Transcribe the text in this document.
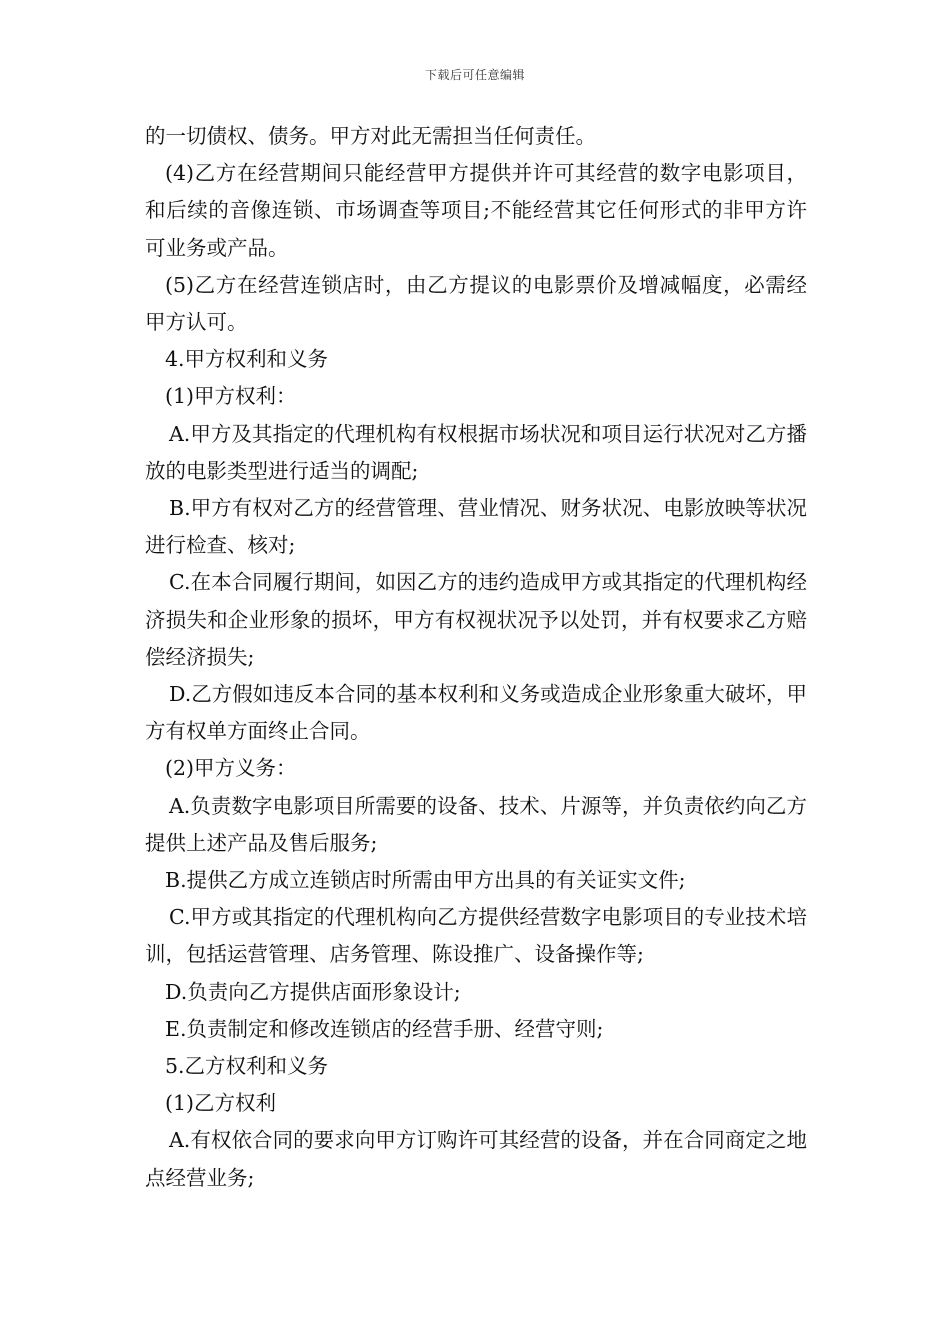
下载后可任意编辑

的一切债权、债务。甲方对此无需担当任何责任。

(4)乙方在经营期间只能经营甲方提供并许可其经营的数字电影项目，和后续的音像连锁、市场调查等项目;不能经营其它任何形式的非甲方许可业务或产品。

(5)乙方在经营连锁店时，由乙方提议的电影票价及增减幅度，必需经甲方认可。

4.甲方权利和义务

(1)甲方权利：

A.甲方及其指定的代理机构有权根据市场状况和项目运行状况对乙方播放的电影类型进行适当的调配;

B.甲方有权对乙方的经营管理、营业情况、财务状况、电影放映等状况进行检查、核对;

C.在本合同履行期间，如因乙方的违约造成甲方或其指定的代理机构经济损失和企业形象的损坏，甲方有权视状况予以处罚，并有权要求乙方赔偿经济损失;

D.乙方假如违反本合同的基本权利和义务或造成企业形象重大破坏，甲方有权单方面终止合同。

(2)甲方义务：

A.负责数字电影项目所需要的设备、技术、片源等，并负责依约向乙方提供上述产品及售后服务;

B.提供乙方成立连锁店时所需由甲方出具的有关证实文件;

C.甲方或其指定的代理机构向乙方提供经营数字电影项目的专业技术培训，包括运营管理、店务管理、陈设推广、设备操作等;

D.负责向乙方提供店面形象设计;

E.负责制定和修改连锁店的经营手册、经营守则;

5.乙方权利和义务

(1)乙方权利

A.有权依合同的要求向甲方订购许可其经营的设备，并在合同商定之地点经营业务;
